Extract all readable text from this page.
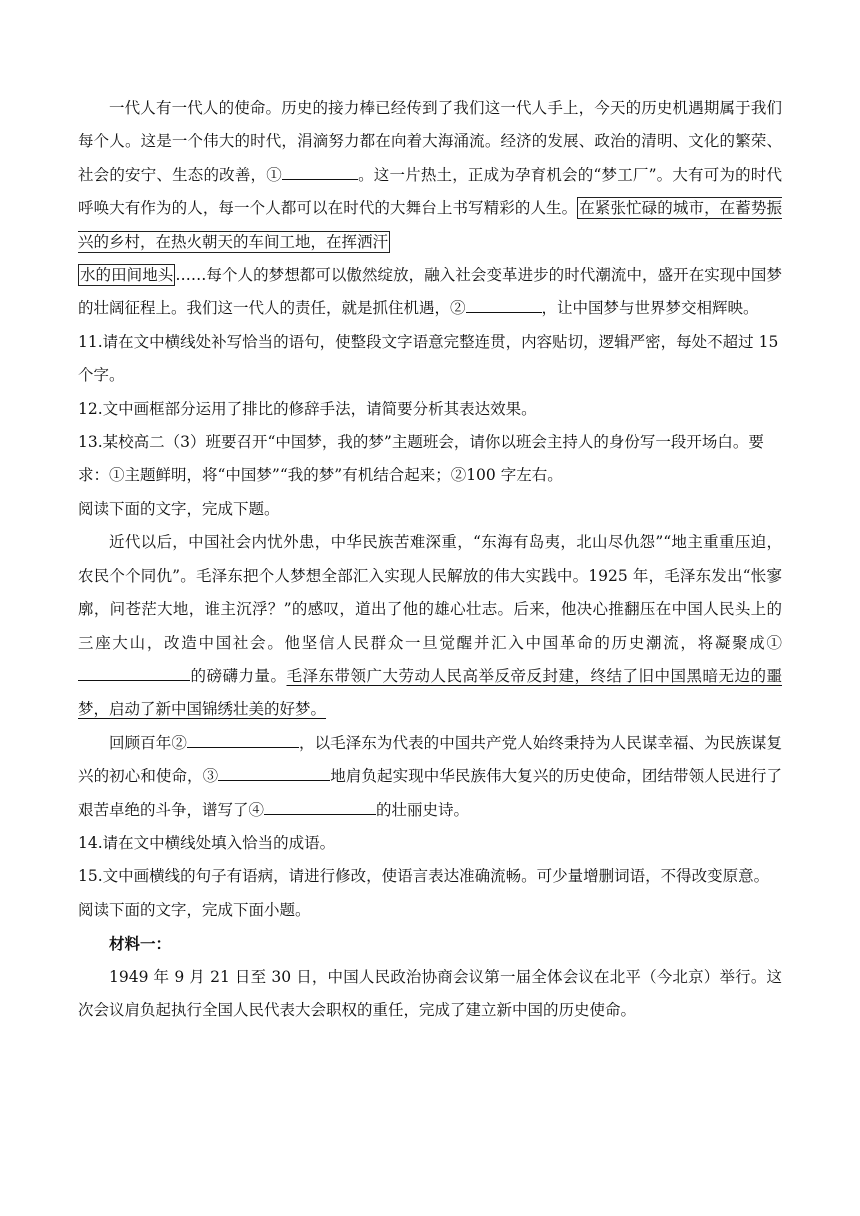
一代人有一代人的使命。历史的接力棒已经传到了我们这一代人手上，今天的历史机遇期属于我们每个人。这是一个伟大的时代，涓滴努力都在向着大海涌流。经济的发展、政治的清明、文化的繁荣、社会的安宁、生态的改善，①	。这一片热土，正成为孕育机会的“梦工厂”。大有可为的时代呼唤大有作为的人，每一个人都可以在时代的大舞台上书写精彩的人生。 在紧张忙碌的城市，在蓄势振兴的乡村，在热火朝天的车间工地，在挥洒汗
水的田间地头 ……每个人的梦想都可以傲然绽放，融入社会变革进步的时代潮流中，盛开在实现中国梦的壮阔征程上。我们这一代人的责任，就是抓住机遇，②	，让中国梦与世界梦交相辉映。

11.请在文中横线处补写恰当的语句，使整段文字语意完整连贯，内容贴切，逻辑严密，每处不超过 15 个字。

12.文中画框部分运用了排比的修辞手法，请简要分析其表达效果。

13.某校高二（3）班要召开“中国梦，我的梦”主题班会，请你以班会主持人的身份写一段开场白。要求：①主题鲜明，将“中国梦”“我的梦”有机结合起来；②100 字左右。

阅读下面的文字，完成下题。

近代以后，中国社会内忧外患，中华民族苦难深重，“东海有岛夷，北山尽仇怨”“地主重重压迫，农民个个同仇”。毛泽东把个人梦想全部汇入实现人民解放的伟大实践中。1925 年，毛泽东发出“怅寥廓，问苍茫大地，谁主沉浮？”的感叹，道出了他的雄心壮志。后来，他决心推翻压在中国人民头上的三座大山，改造中国社会。他坚信人民群众一旦觉醒并汇入中国革命的历史潮流，将凝聚成①的磅礴力量。毛泽东带领广大劳动人民高举反帝反封建，终结了旧中国黑暗无边的噩梦，启动了新中国锦绣壮美的好梦。

回顾百年②	，以毛泽东为代表的中国共产党人始终秉持为人民谋幸福、为民族谋复兴的初心和使命，③	地肩负起实现中华民族伟大复兴的历史使命，团结带领人民进行了艰苦卓绝的斗争，谱写了④	的壮丽史诗。

14.请在文中横线处填入恰当的成语。

15.文中画横线的句子有语病，请进行修改，使语言表达准确流畅。可少量增删词语，不得改变原意。

阅读下面的文字，完成下面小题。

材料一：

1949 年 9 月 21 日至 30 日，中国人民政治协商会议第一届全体会议在北平（今北京）举行。这次会议肩负起执行全国人民代表大会职权的重任，完成了建立新中国的历史使命。
